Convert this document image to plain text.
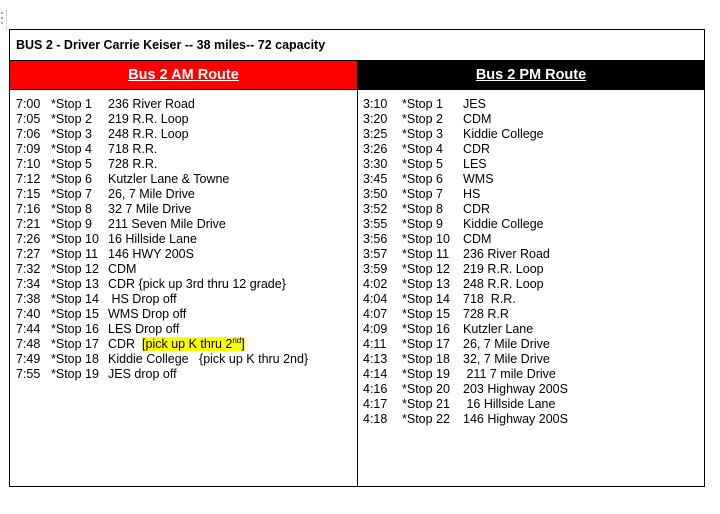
BUS 2 - Driver Carrie Keiser -- 38 miles-- 72 capacity
Bus 2 AM Route	Bus 2 PM Route
7:00 *Stop 1 236 River Road
7:05 *Stop 2 219 R.R. Loop
7:06 *Stop 3 248 R.R. Loop
7:09 *Stop 4 718 R.R.
7:10 *Stop 5 728 R.R.
7:12 *Stop 6 Kutzler Lane & Towne
7:15 *Stop 7 26, 7 Mile Drive
7:16 *Stop 8 32 7 Mile Drive
7:21 *Stop 9 211 Seven Mile Drive
7:26 *Stop 10 16 Hillside Lane
7:27 *Stop 11 146 HWY 200S
7:32 *Stop 12 CDM
7:34 *Stop 13 CDR {pick up 3rd thru 12 grade}
7:38 *Stop 14 HS Drop off
7:40 *Stop 15 WMS Drop off
7:44 *Stop 16 LES Drop off
7:48 *Stop 17 CDR  [pick up K thru 2nd]
7:49 *Stop 18 Kiddie College   {pick up K thru 2nd}
7:55 *Stop 19 JES drop off
3:10 *Stop 1 JES
3:20 *Stop 2 CDM
3:25 *Stop 3 Kiddie College
3:26 *Stop 4 CDR
3:30 *Stop 5 LES
3:45 *Stop 6 WMS
3:50 *Stop 7 HS
3:52 *Stop 8 CDR
3:55 *Stop 9 Kiddie College
3:56 *Stop 10 CDM
3:57 *Stop 11 236 River Road
3:59 *Stop 12 219 R.R. Loop
4:02 *Stop 13 248 R.R. Loop
4:04 *Stop 14 718  R.R.
4:07 *Stop 15 728 R.R
4:09 *Stop 16 Kutzler Lane
4:11 *Stop 17 26, 7 Mile Drive
4:13 *Stop 18 32, 7 Mile Drive
4:14 *Stop 19 211 7 mile Drive
4:16 *Stop 20 203 Highway 200S
4:17 *Stop 21 16 Hillside Lane
4:18 *Stop 22 146 Highway 200S
